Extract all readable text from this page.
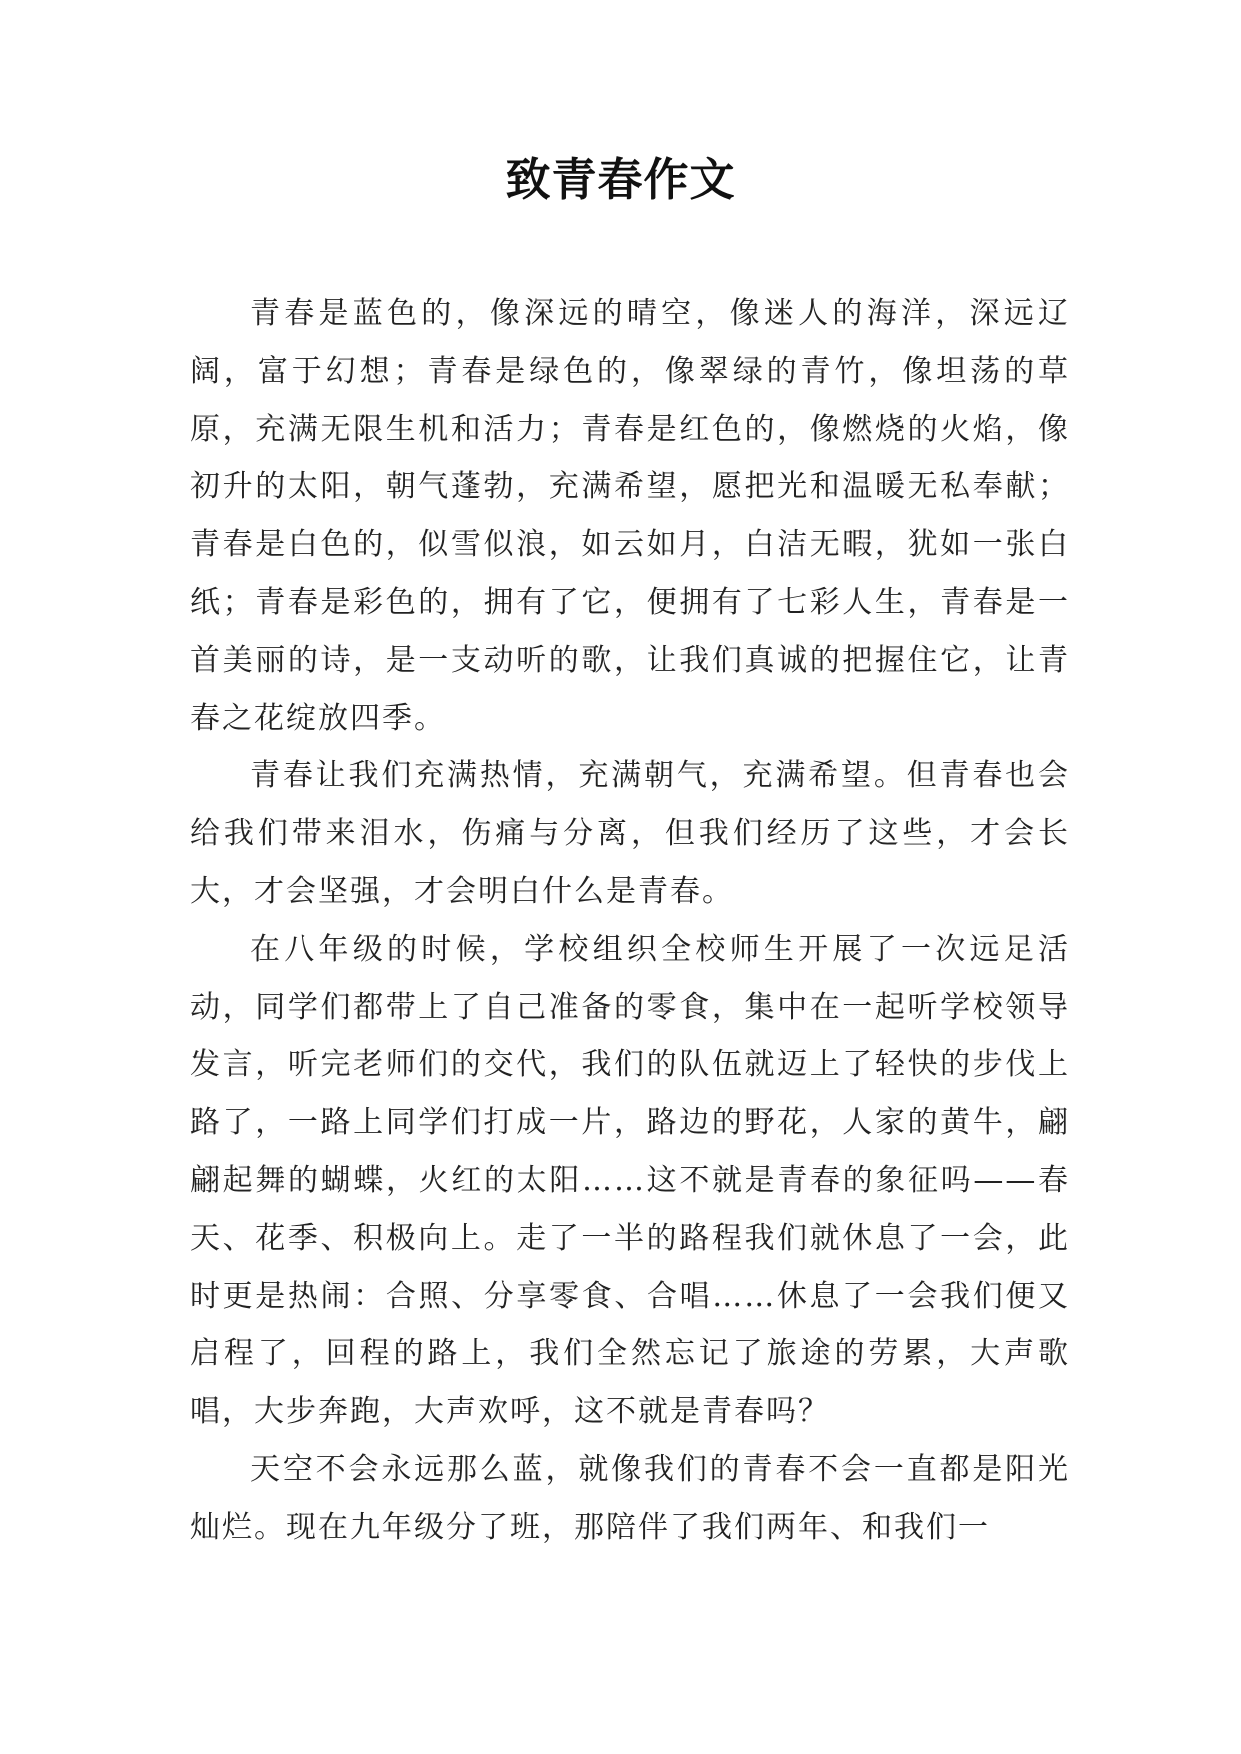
致青春作文

青春是蓝色的，像深远的晴空，像迷人的海洋，深远辽阔，富于幻想；青春是绿色的，像翠绿的青竹，像坦荡的草原，充满无限生机和活力；青春是红色的，像燃烧的火焰，像初升的太阳，朝气蓬勃，充满希望，愿把光和温暖无私奉献；青春是白色的，似雪似浪，如云如月，白洁无暇，犹如一张白纸；青春是彩色的，拥有了它，便拥有了七彩人生，青春是一首美丽的诗，是一支动听的歌，让我们真诚的把握住它，让青春之花绽放四季。

青春让我们充满热情，充满朝气，充满希望。但青春也会给我们带来泪水，伤痛与分离，但我们经历了这些，才会长大，才会坚强，才会明白什么是青春。

在八年级的时候，学校组织全校师生开展了一次远足活动，同学们都带上了自己准备的零食，集中在一起听学校领导发言，听完老师们的交代，我们的队伍就迈上了轻快的步伐上路了，一路上同学们打成一片，路边的野花，人家的黄牛，翩翩起舞的蝴蝶，火红的太阳……这不就是青春的象征吗——春天、花季、积极向上。走了一半的路程我们就休息了一会，此时更是热闹：合照、分享零食、合唱……休息了一会我们便又启程了，回程的路上，我们全然忘记了旅途的劳累，大声歌唱，大步奔跑，大声欢呼，这不就是青春吗？

天空不会永远那么蓝，就像我们的青春不会一直都是阳光灿烂。现在九年级分了班，那陪伴了我们两年、和我们一
